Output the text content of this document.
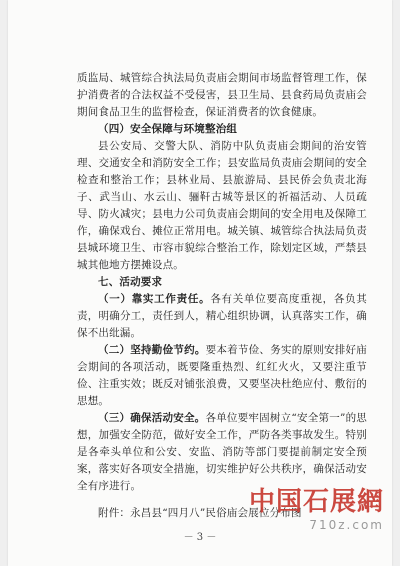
质监局、城管综合执法局负责庙会期间市场监督管理工作，保护消费者的合法权益不受侵害，县卫生局、县食药局负责庙会期间食品卫生的监督检查，保证消费者的饮食健康。

（四）安全保障与环境整治组

县公安局、交警大队、消防中队负责庙会期间的治安管理、交通安全和消防安全工作；县安监局负责庙会期间的安全检查和整治工作；县林业局、县旅游局、县民侨会负责北海子、武当山、水云山、骊靬古城等景区的祈福活动、人员疏导、防火减灾；县电力公司负责庙会期间的安全用电及保障工作，确保戏台、摊位正常用电。城关镇、城管综合执法局负责县城环境卫生、市容市貌综合整治工作，除划定区域，严禁县城其他地方摆摊设点。

七、活动要求

（一）靠实工作责任。各有关单位要高度重视，各负其责，明确分工，责任到人，精心组织协调，认真落实工作，确保不出纰漏。

（二）坚持勤俭节约。要本着节俭、务实的原则安排好庙会期间的各项活动，既要隆重热烈、红红火火，又要注重节俭、注重实效；既反对铺张浪费，又要坚决杜绝应付、敷衍的思想。

（三）确保活动安全。各单位要牢固树立“安全第一”的思想，加强安全防范，做好安全工作，严防各类事故发生。特别是各牵头单位和公安、安监、消防等部门要提前制定安全预案，落实好各项安全措施，切实维护好公共秩序，确保活动安全有序进行。

附件：永昌县“四月八”民俗庙会展位分布图

－ 3 －
中国石展網
710z.com
